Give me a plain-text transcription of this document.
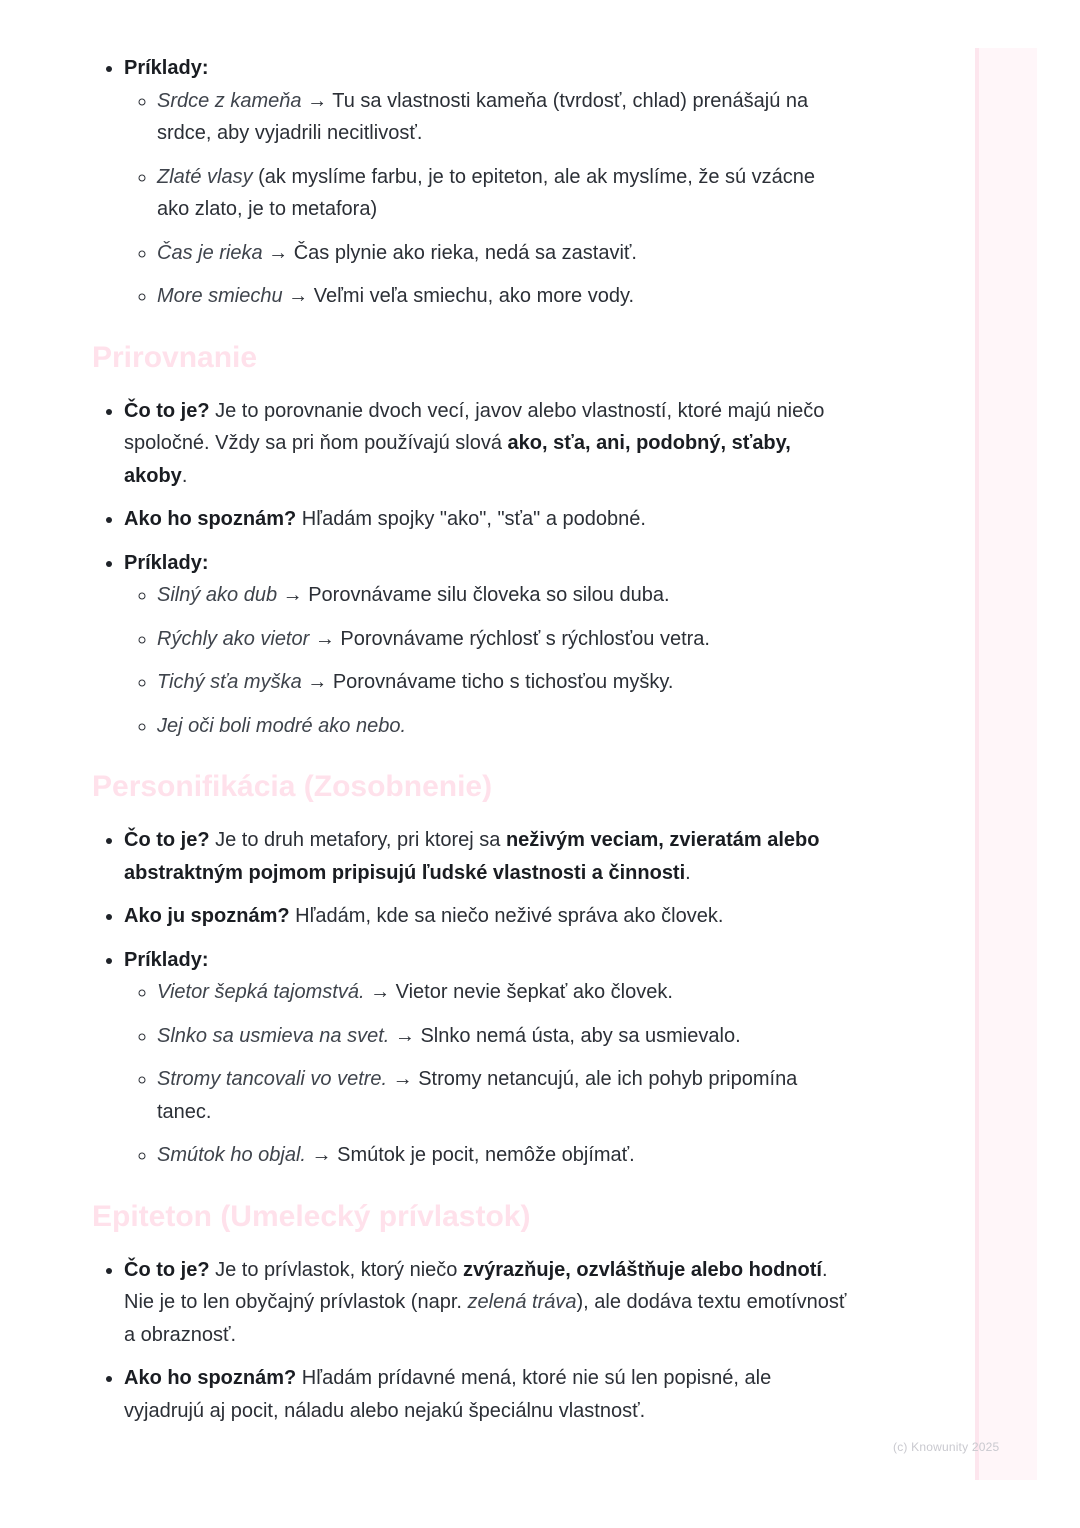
• Príklady:
◦ Srdce z kameňa → Tu sa vlastnosti kameňa (tvrdosť, chlad) prenášajú na srdce, aby vyjadrili necitlivosť.
◦ Zlaté vlasy (ak myslíme farbu, je to epiteton, ale ak myslíme, že sú vzácne ako zlato, je to metafora)
◦ Čas je rieka → Čas plynie ako rieka, nedá sa zastaviť.
◦ More smiechu → Veľmi veľa smiechu, ako more vody.
Prirovnanie
• Čo to je? Je to porovnanie dvoch vecí, javov alebo vlastností, ktoré majú niečo spoločné. Vždy sa pri ňom používajú slová ako, sťa, ani, podobný, sťaby, akoby.
• Ako ho spoznám? Hľadám spojky "ako", "sťa" a podobné.
• Príklady:
◦ Silný ako dub → Porovnávame silu človeka so silou duba.
◦ Rýchly ako vietor → Porovnávame rýchlosť s rýchlosťou vetra.
◦ Tichý sťa myška → Porovnávame ticho s tichosťou myšky.
◦ Jej oči boli modré ako nebo.
Personifikácia (Zosobnenie)
• Čo to je? Je to druh metafory, pri ktorej sa neživým veciam, zvieratám alebo abstraktným pojmom pripisujú ľudské vlastnosti a činnosti.
• Ako ju spoznám? Hľadám, kde sa niečo neživé správa ako človek.
• Príklady:
◦ Vietor šepká tajomstvá. → Vietor nevie šepkať ako človek.
◦ Slnko sa usmieva na svet. → Slnko nemá ústa, aby sa usmievalo.
◦ Stromy tancovali vo vetre. → Stromy netancujú, ale ich pohyb pripomína tanec.
◦ Smútok ho objal. → Smútok je pocit, nemôže objímať.
Epiteton (Umelecký prívlastok)
• Čo to je? Je to prívlastok, ktorý niečo zvýrazňuje, ozvláštňuje alebo hodnotí. Nie je to len obyčajný prívlastok (napr. zelená tráva), ale dodáva textu emotívnosť a obraznosť.
• Ako ho spoznám? Hľadám prídavné mená, ktoré nie sú len popisné, ale vyjadrujú aj pocit, náladu alebo nejakú špeciálnu vlastnosť.
(c) Knowunity 2025
